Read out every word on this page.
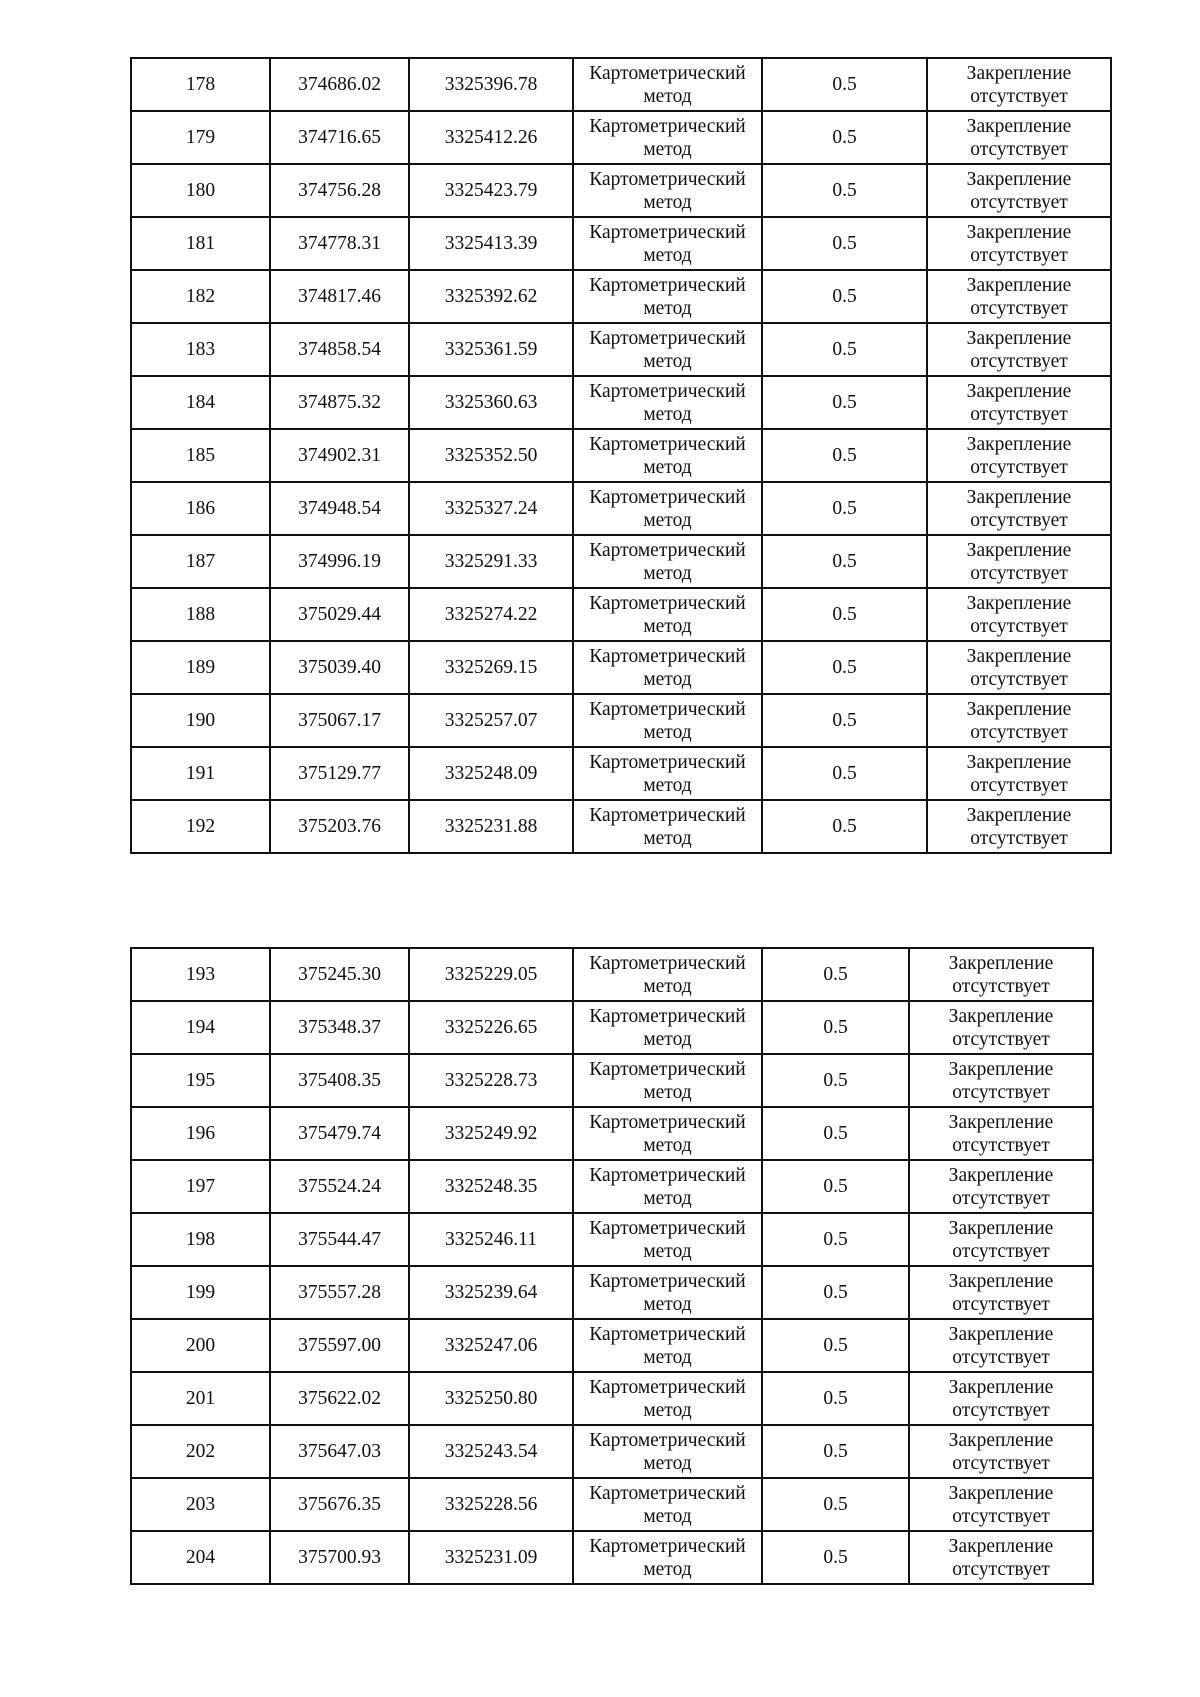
178	374686.02	3325396.78	Картометрический
метод	0.5	Закрепление
отсутствует

179	374716.65	3325412.26	Картометрический
метод	0.5	Закрепление
отсутствует

180	374756.28	3325423.79	Картометрический
метод	0.5	Закрепление
отсутствует

181	374778.31	3325413.39	Картометрический
метод	0.5	Закрепление
отсутствует

182	374817.46	3325392.62	Картометрический
метод	0.5	Закрепление
отсутствует

183	374858.54	3325361.59	Картометрический
метод	0.5	Закрепление
отсутствует

184	374875.32	3325360.63	Картометрический
метод	0.5	Закрепление
отсутствует

185	374902.31	3325352.50	Картометрический
метод	0.5	Закрепление
отсутствует

186	374948.54	3325327.24	Картометрический
метод	0.5	Закрепление
отсутствует

187	374996.19	3325291.33	Картометрический
метод	0.5	Закрепление
отсутствует

188	375029.44	3325274.22	Картометрический
метод	0.5	Закрепление
отсутствует

189	375039.40	3325269.15	Картометрический
метод	0.5	Закрепление
отсутствует

190	375067.17	3325257.07	Картометрический
метод	0.5	Закрепление
отсутствует

191	375129.77	3325248.09	Картометрический
метод	0.5	Закрепление
отсутствует

192	375203.76	3325231.88	Картометрический
метод	0.5	Закрепление
отсутствует
193	375245.30	3325229.05	Картометрический
метод	0.5	Закрепление
отсутствует

194	375348.37	3325226.65	Картометрический
метод	0.5	Закрепление
отсутствует

195	375408.35	3325228.73	Картометрический
метод	0.5	Закрепление
отсутствует

196	375479.74	3325249.92	Картометрический
метод	0.5	Закрепление
отсутствует

197	375524.24	3325248.35	Картометрический
метод	0.5	Закрепление
отсутствует

198	375544.47	3325246.11	Картометрический
метод	0.5	Закрепление
отсутствует

199	375557.28	3325239.64	Картометрический
метод	0.5	Закрепление
отсутствует

200	375597.00	3325247.06	Картометрический
метод	0.5	Закрепление
отсутствует

201	375622.02	3325250.80	Картометрический
метод	0.5	Закрепление
отсутствует

202	375647.03	3325243.54	Картометрический
метод	0.5	Закрепление
отсутствует

203	375676.35	3325228.56	Картометрический
метод	0.5	Закрепление
отсутствует

204	375700.93	3325231.09	Картометрический
метод	0.5	Закрепление
отсутствует
